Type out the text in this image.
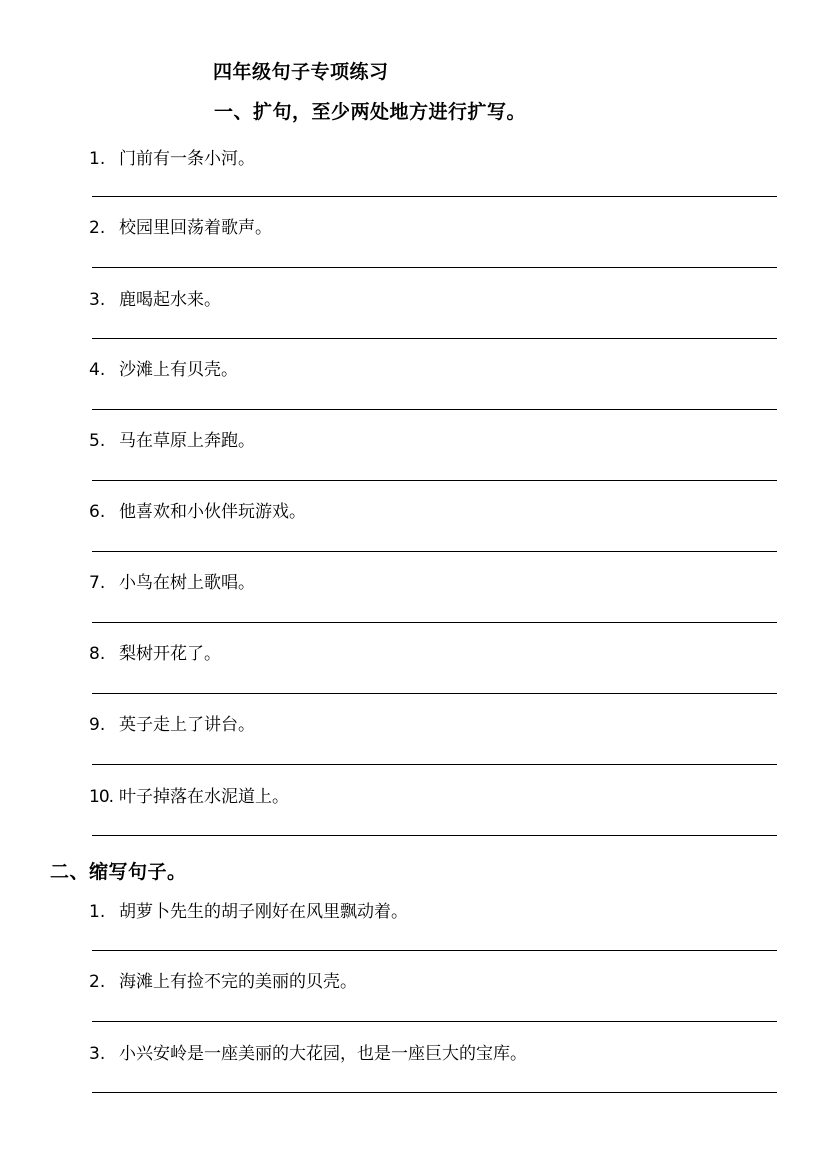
四年级句子专项练习
一、扩句，至少两处地方进行扩写。
1. 门前有一条小河。
2. 校园里回荡着歌声。
3. 鹿喝起水来。
4. 沙滩上有贝壳。
5. 马在草原上奔跑。
6. 他喜欢和小伙伴玩游戏。
7. 小鸟在树上歌唱。
8. 梨树开花了。
9. 英子走上了讲台。
10. 叶子掉落在水泥道上。
二、缩写句子。
1. 胡萝卜先生的胡子刚好在风里飘动着。
2. 海滩上有捡不完的美丽的贝壳。
3. 小兴安岭是一座美丽的大花园，也是一座巨大的宝库。
